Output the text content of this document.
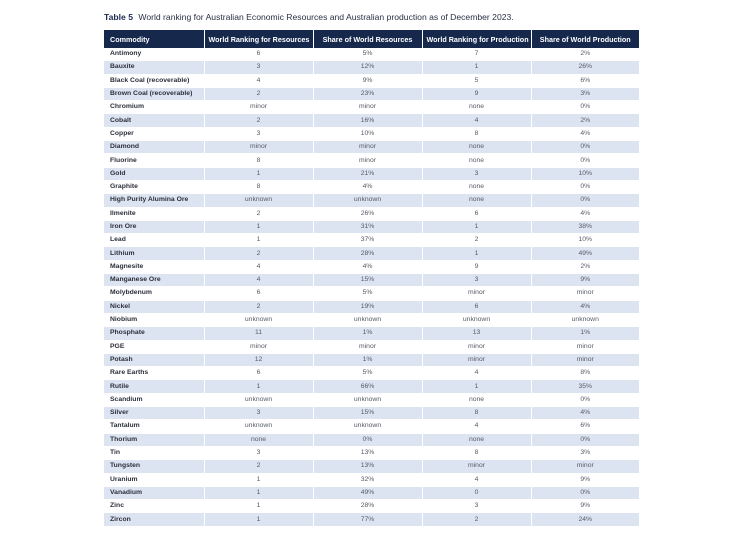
Table 5 World ranking for Australian Economic Resources and Australian production as of December 2023.
Commodity	World Ranking for Resources	Share of World Resources	World Ranking for Production	Share of World Production
Antimony	6	5%	7	2%
Bauxite	3	12%	1	26%
Black Coal (recoverable)	4	9%	5	6%
Brown Coal (recoverable)	2	23%	9	3%
Chromium	minor	minor	none	0%
Cobalt	2	16%	4	2%
Copper	3	10%	8	4%
Diamond	minor	minor	none	0%
Fluorine	8	minor	none	0%
Gold	1	21%	3	10%
Graphite	8	4%	none	0%
High Purity Alumina Ore	unknown	unknown	none	0%
Ilmenite	2	26%	6	4%
Iron Ore	1	31%	1	38%
Lead	1	37%	2	10%
Lithium	2	28%	1	49%
Magnesite	4	4%	9	2%
Manganese Ore	4	15%	3	9%
Molybdenum	6	5%	minor	minor
Nickel	2	19%	6	4%
Niobium	unknown	unknown	unknown	unknown
Phosphate	11	1%	13	1%
PGE	minor	minor	minor	minor
Potash	12	1%	minor	minor
Rare Earths	6	5%	4	8%
Rutile	1	66%	1	35%
Scandium	unknown	unknown	none	0%
Silver	3	15%	8	4%
Tantalum	unknown	unknown	4	6%
Thorium	none	0%	none	0%
Tin	3	13%	8	3%
Tungsten	2	13%	minor	minor
Uranium	1	32%	4	9%
Vanadium	1	49%	0	0%
Zinc	1	28%	3	9%
Zircon	1	77%	2	24%
